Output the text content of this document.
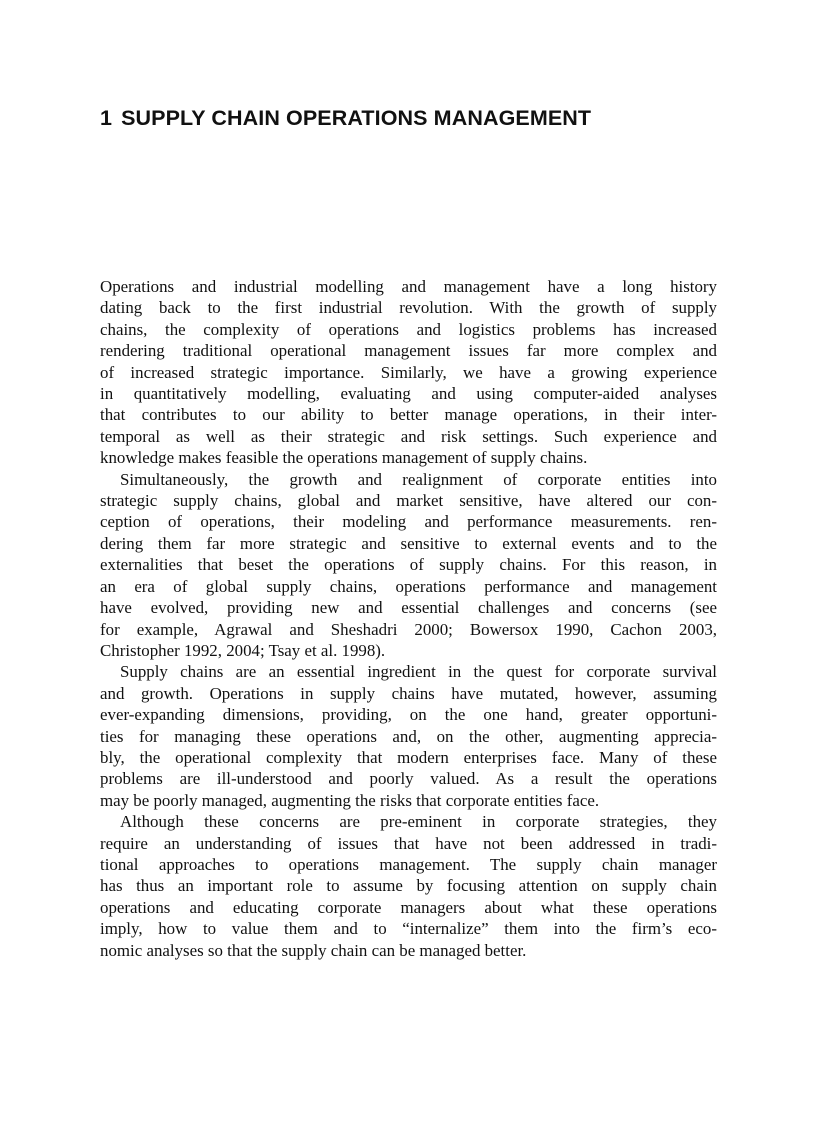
1 SUPPLY CHAIN OPERATIONS MANAGEMENT

Operations and industrial modelling and management have a long history
dating back to the first industrial revolution. With the growth of supply
chains, the complexity of operations and logistics problems has increased
rendering traditional operational management issues far more complex and
of increased strategic importance. Similarly, we have a growing experience
in quantitatively modelling, evaluating and using computer-aided analyses
that contributes to our ability to better manage operations, in their inter-
temporal as well as their strategic and risk settings. Such experience and
knowledge makes feasible the operations management of supply chains.

Simultaneously, the growth and realignment of corporate entities into
strategic supply chains, global and market sensitive, have altered our con-
ception of operations, their modeling and performance measurements. ren-
dering them far more strategic and sensitive to external events and to the
externalities that beset the operations of supply chains. For this reason, in
an era of global supply chains, operations performance and management
have evolved, providing new and essential challenges and concerns (see
for example, Agrawal and Sheshadri 2000; Bowersox 1990, Cachon 2003,
Christopher 1992, 2004; Tsay et al. 1998).

Supply chains are an essential ingredient in the quest for corporate survival
and growth. Operations in supply chains have mutated, however, assuming
ever-expanding dimensions, providing, on the one hand, greater opportuni-
ties for managing these operations and, on the other, augmenting apprecia-
bly, the operational complexity that modern enterprises face. Many of these
problems are ill-understood and poorly valued. As a result the operations
may be poorly managed, augmenting the risks that corporate entities face.

Although these concerns are pre-eminent in corporate strategies, they
require an understanding of issues that have not been addressed in tradi-
tional approaches to operations management. The supply chain manager
has thus an important role to assume by focusing attention on supply chain
operations and educating corporate managers about what these operations
imply, how to value them and to “internalize” them into the firm’s eco-
nomic analyses so that the supply chain can be managed better.
